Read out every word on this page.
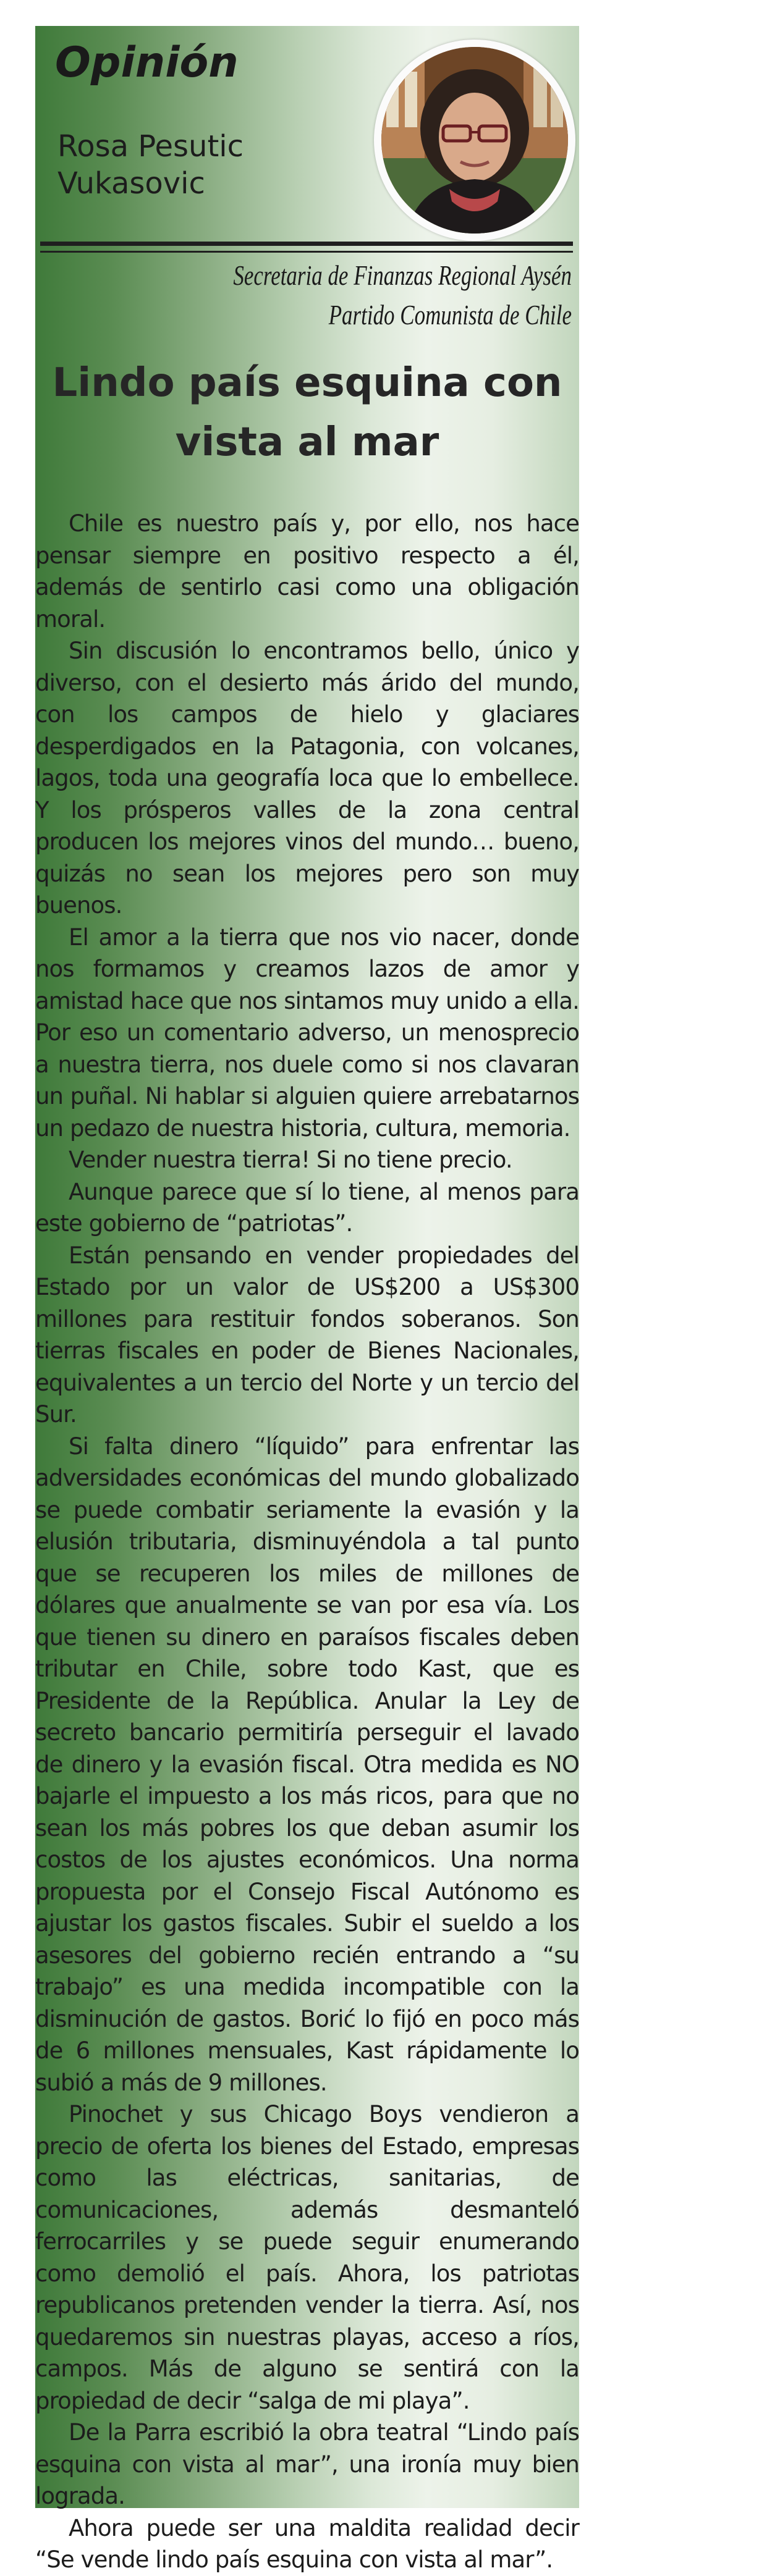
Opinión
Rosa Pesutic
Vukasovic
Secretaria de Finanzas Regional Aysén
Partido Comunista de Chile
Lindo país esquina con
vista al mar

Chile es nuestro país y, por ello, nos hace pensar siempre en positivo respecto a él, además de sentirlo casi como una obligación moral.

Sin discusión lo encontramos bello, único y diverso, con el desierto más árido del mundo, con los campos de hielo y glaciares desperdigados en la Patagonia, con volcanes, lagos, toda una geografía loca que lo embellece. Y los prósperos valles de la zona central producen los mejores vinos del mundo… bueno, quizás no sean los mejores pero son muy buenos.

El amor a la tierra que nos vio nacer, donde nos formamos y creamos lazos de amor y amistad hace que nos sintamos muy unido a ella. Por eso un comentario adverso, un menosprecio a nuestra tierra, nos duele como si nos clavaran un puñal. Ni hablar si alguien quiere arrebatarnos un pedazo de nuestra historia, cultura, memoria.

Vender nuestra tierra! Si no tiene precio.

Aunque parece que sí lo tiene, al menos para este gobierno de “patriotas”.

Están pensando en vender propiedades del Estado por un valor de US$200 a US$300 millones para restituir fondos soberanos. Son tierras fiscales en poder de Bienes Nacionales, equivalentes a un tercio del Norte y un tercio del Sur.

Si falta dinero “líquido” para enfrentar las adversidades económicas del mundo globalizado se puede combatir seriamente la evasión y la elusión tributaria, disminuyéndola a tal punto que se recuperen los miles de millones de dólares que anualmente se van por esa vía. Los que tienen su dinero en paraísos fiscales deben tributar en Chile, sobre todo Kast, que es Presidente de la República. Anular la Ley de secreto bancario permitiría perseguir el lavado de dinero y la evasión fiscal. Otra medida es NO bajarle el impuesto a los más ricos, para que no sean los más pobres los que deban asumir los costos de los ajustes económicos. Una norma propuesta por el Consejo Fiscal Autónomo es ajustar los gastos fiscales. Subir el sueldo a los asesores del gobierno recién entrando a “su trabajo” es una medida incompatible con la disminución de gastos. Borić lo fijó en poco más de 6 millones mensuales, Kast rápidamente lo subió a más de 9 millones.

Pinochet y sus Chicago Boys vendieron a precio de oferta los bienes del Estado, empresas como las eléctricas, sanitarias, de comunicaciones, además desmanteló ferrocarriles y se puede seguir enumerando como demolió el país. Ahora, los patriotas republicanos pretenden vender la tierra. Así, nos quedaremos sin nuestras playas, acceso a ríos, campos. Más de alguno se sentirá con la propiedad de decir “salga de mi playa”.

De la Parra escribió la obra teatral “Lindo país esquina con vista al mar”, una ironía muy bien lograda.

Ahora puede ser una maldita realidad decir “Se vende lindo país esquina con vista al mar”.
